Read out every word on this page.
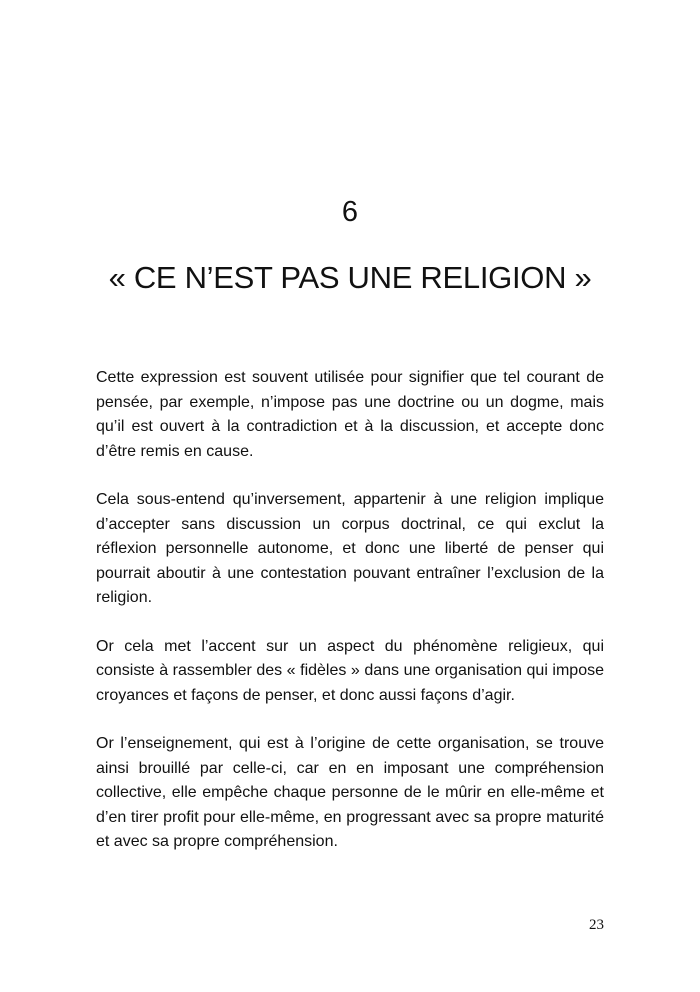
6
« CE N’EST PAS UNE RELIGION »

Cette expression est souvent utilisée pour signifier que tel courant de pensée, par exemple, n’impose pas une doctrine ou un dogme, mais qu’il est ouvert à la contradiction et à la discussion, et accepte donc d’être remis en cause.

Cela sous-entend qu’inversement, appartenir à une religion implique d’accepter sans discussion un corpus doctrinal, ce qui exclut la réflexion personnelle autonome, et donc une liberté de penser qui pourrait aboutir à une contestation pouvant entraîner l’exclusion de la religion.

Or cela met l’accent sur un aspect du phénomène religieux, qui consiste à rassembler des « fidèles » dans une organisation qui impose croyances et façons de penser, et donc aussi façons d’agir.

Or l’enseignement, qui est à l’origine de cette organisation, se trouve ainsi brouillé par celle-ci, car en en imposant une compréhension collective, elle empêche chaque personne de le mûrir en elle-même et d’en tirer profit pour elle-même, en progressant avec sa propre maturité et avec sa propre compréhension.

23
